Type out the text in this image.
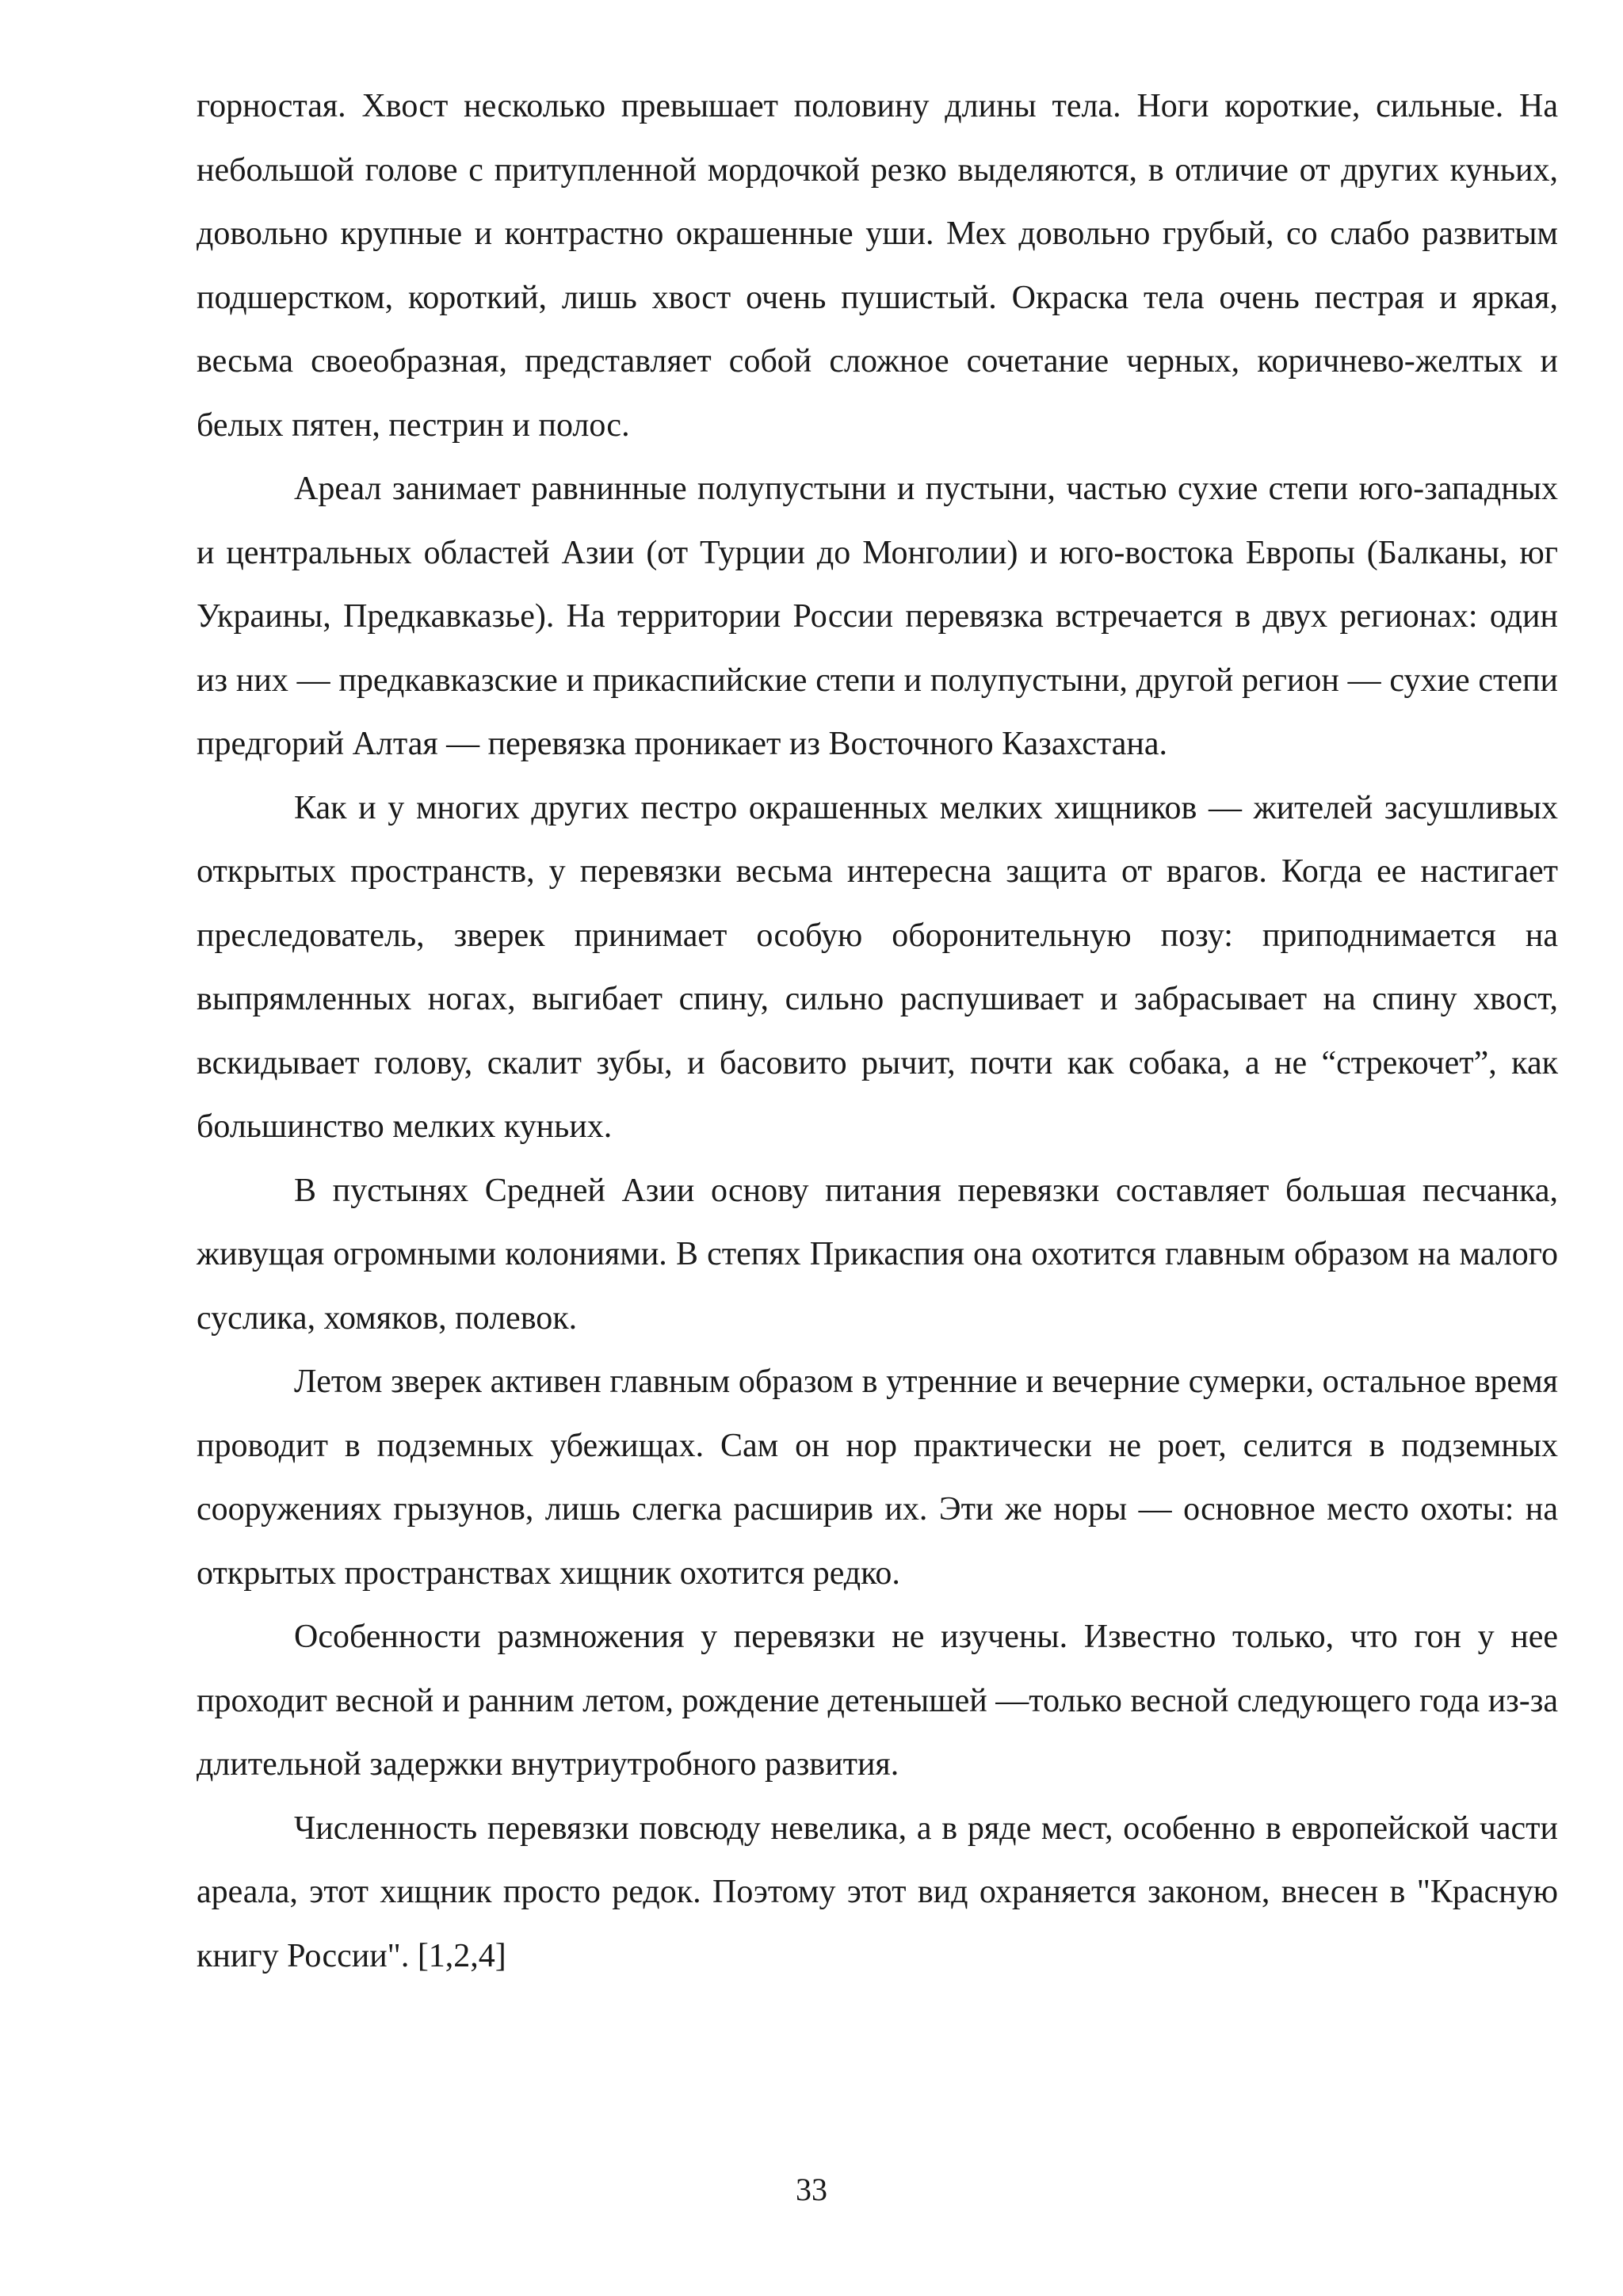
горностая. Хвост несколько превышает половину длины тела. Ноги короткие, сильные. На небольшой голове с притупленной мордочкой резко выделяются, в отличие от других куньих, довольно крупные и контрастно окрашенные уши. Мех довольно грубый, со слабо развитым подшерстком, короткий, лишь хвост очень пушистый. Окраска тела очень пестрая и яркая, весьма своеобразная, представляет собой сложное сочетание черных, коричнево-желтых и белых пятен, пестрин и полос.

Ареал занимает равнинные полупустыни и пустыни, частью сухие степи юго-западных и центральных областей Азии (от Турции до Монголии) и юго-востока Европы (Балканы, юг Украины, Предкавказье). На территории России перевязка встречается в двух регионах: один из них — предкавказские и прикаспийские степи и полупустыни, другой регион — сухие степи предгорий Алтая — перевязка проникает из Восточного Казахстана.

Как и у многих других пестро окрашенных мелких хищников — жителей засушливых открытых пространств, у перевязки весьма интересна защита от врагов. Когда ее настигает преследователь, зверек принимает особую оборонительную позу: приподнимается на выпрямленных ногах, выгибает спину, сильно распушивает и забрасывает на спину хвост, вскидывает голову, скалит зубы, и басовито рычит, почти как собака, а не “стрекочет”, как большинство мелких куньих.

В пустынях Средней Азии основу питания перевязки составляет большая песчанка, живущая огромными колониями. В степях Прикаспия она охотится главным образом на малого суслика, хомяков, полевок.

Летом зверек активен главным образом в утренние и вечерние сумерки, остальное время проводит в подземных убежищах. Сам он нор практически не роет, селится в подземных сооружениях грызунов, лишь слегка расширив их. Эти же норы — основное место охоты: на открытых пространствах хищник охотится редко.

Особенности размножения у перевязки не изучены. Известно только, что гон у нее проходит весной и ранним летом, рождение детенышей —только весной следующего года из-за длительной задержки внутриутробного развития.

Численность перевязки повсюду невелика, а в ряде мест, особенно в европейской части ареала, этот хищник просто редок. Поэтому этот вид охраняется законом, внесен в "Красную книгу России". [1,2,4]

33
